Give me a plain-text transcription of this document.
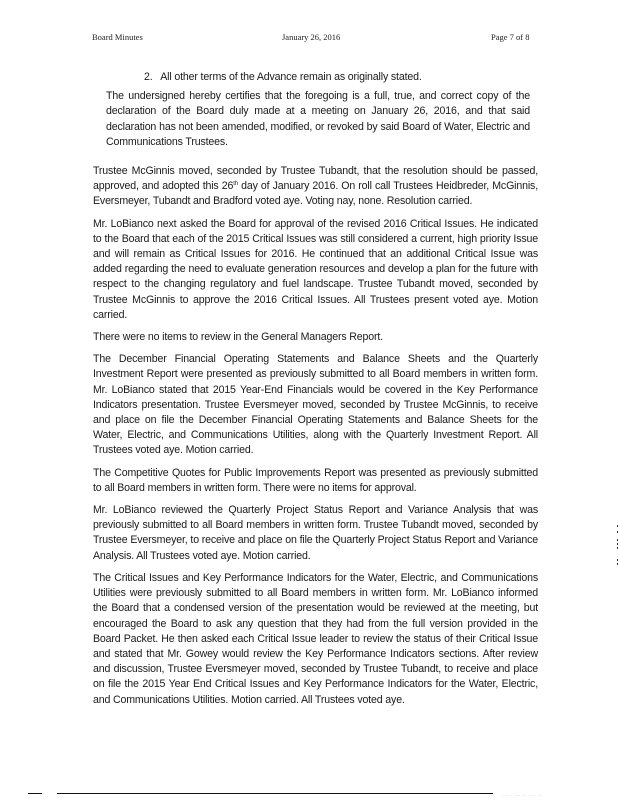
Board Minutes	January 26, 2016	Page 7 of 8
2. All other terms of the Advance remain as originally stated.
The undersigned hereby certifies that the foregoing is a full, true, and correct copy of the declaration of the Board duly made at a meeting on January 26, 2016, and that said declaration has not been amended, modified, or revoked by said Board of Water, Electric and Communications Trustees.

Trustee McGinnis moved, seconded by Trustee Tubandt, that the resolution should be passed, approved, and adopted this 26th day of January 2016. On roll call Trustees Heidbreder, McGinnis, Eversmeyer, Tubandt and Bradford voted aye. Voting nay, none. Resolution carried.

Mr. LoBianco next asked the Board for approval of the revised 2016 Critical Issues. He indicated to the Board that each of the 2015 Critical Issues was still considered a current, high priority Issue and will remain as Critical Issues for 2016. He continued that an additional Critical Issue was added regarding the need to evaluate generation resources and develop a plan for the future with respect to the changing regulatory and fuel landscape. Trustee Tubandt moved, seconded by Trustee McGinnis to approve the 2016 Critical Issues. All Trustees present voted aye. Motion carried.

There were no items to review in the General Managers Report.

The December Financial Operating Statements and Balance Sheets and the Quarterly Investment Report were presented as previously submitted to all Board members in written form. Mr. LoBianco stated that 2015 Year-End Financials would be covered in the Key Performance Indicators presentation. Trustee Eversmeyer moved, seconded by Trustee McGinnis, to receive and place on file the December Financial Operating Statements and Balance Sheets for the Water, Electric, and Communications Utilities, along with the Quarterly Investment Report. All Trustees voted aye. Motion carried.

The Competitive Quotes for Public Improvements Report was presented as previously submitted to all Board members in written form. There were no items for approval.

Mr. LoBianco reviewed the Quarterly Project Status Report and Variance Analysis that was previously submitted to all Board members in written form. Trustee Tubandt moved, seconded by Trustee Eversmeyer, to receive and place on file the Quarterly Project Status Report and Variance Analysis. All Trustees voted aye. Motion carried.

The Critical Issues and Key Performance Indicators for the Water, Electric, and Communications Utilities were previously submitted to all Board members in written form. Mr. LoBianco informed the Board that a condensed version of the presentation would be reviewed at the meeting, but encouraged the Board to ask any question that they had from the full version provided in the Board Packet. He then asked each Critical Issue leader to review the status of their Critical Issue and stated that Mr. Gowey would review the Key Performance Indicators sections. After review and discussion, Trustee Eversmeyer moved, seconded by Trustee Tubandt, to receive and place on file the 2015 Year End Critical Issues and Key Performance Indicators for the Water, Electric, and Communications Utilities. Motion carried. All Trustees voted aye.

. ... ... .. ... ..
